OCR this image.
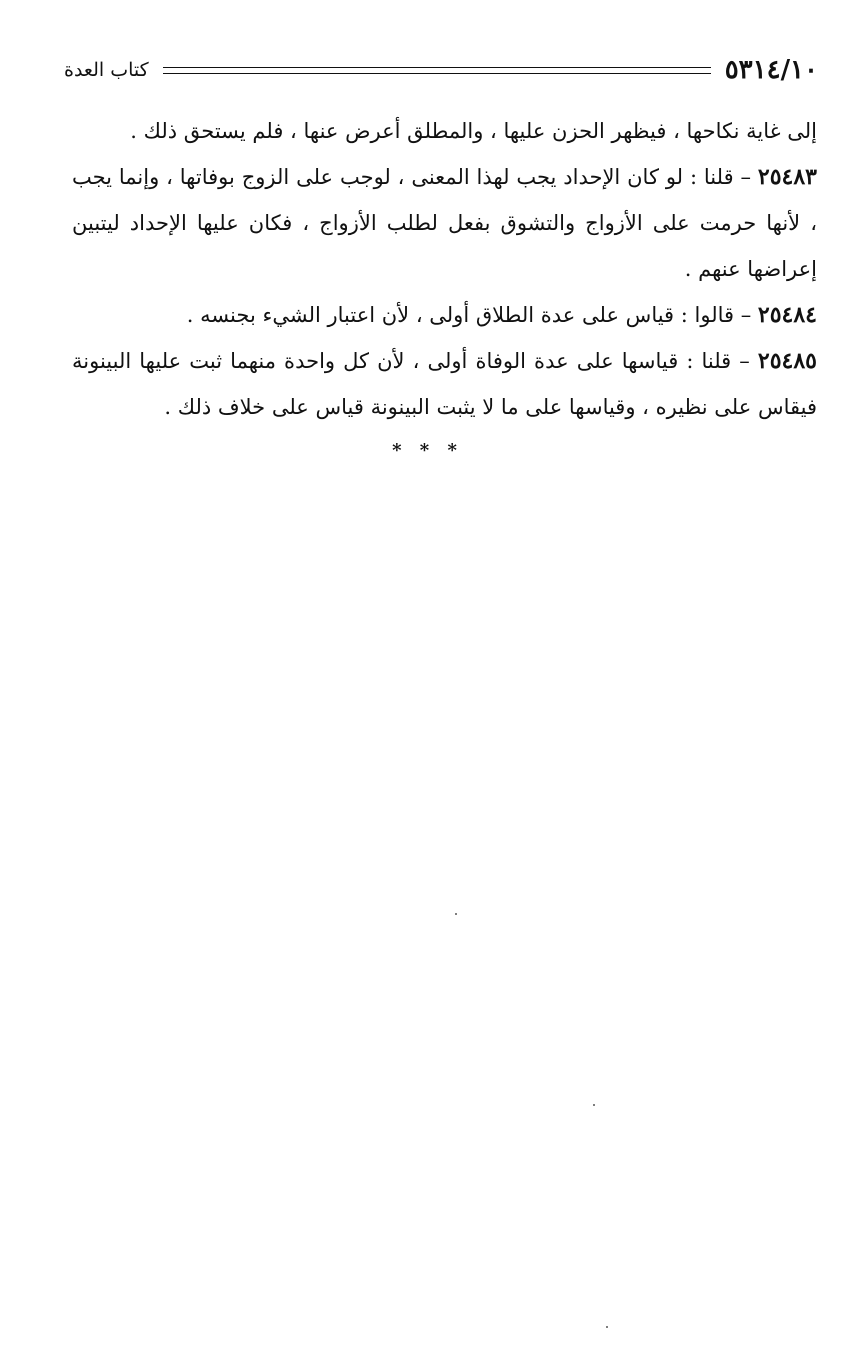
٥٣١٤/١٠
كتاب العدة

إلى غاية نكاحها ، فيظهر الحزن عليها ، والمطلق أعرض عنها ، فلم يستحق ذلك .

٢٥٤٨٣ – قلنا : لو كان الإحداد يجب لهذا المعنى ، لوجب على الزوج بوفاتها ، وإنما يجب ، لأنها حرمت على الأزواج والتشوق بفعل لطلب الأزواج ، فكان عليها الإحداد ليتبين إعراضها عنهم .

٢٥٤٨٤ – قالوا : قياس على عدة الطلاق أولى ، لأن اعتبار الشيء بجنسه .

٢٥٤٨٥ – قلنا : قياسها على عدة الوفاة أولى ، لأن كل واحدة منهما ثبت عليها البينونة فيقاس على نظيره ، وقياسها على ما لا يثبت البينونة قياس على خلاف ذلك .

* * *
